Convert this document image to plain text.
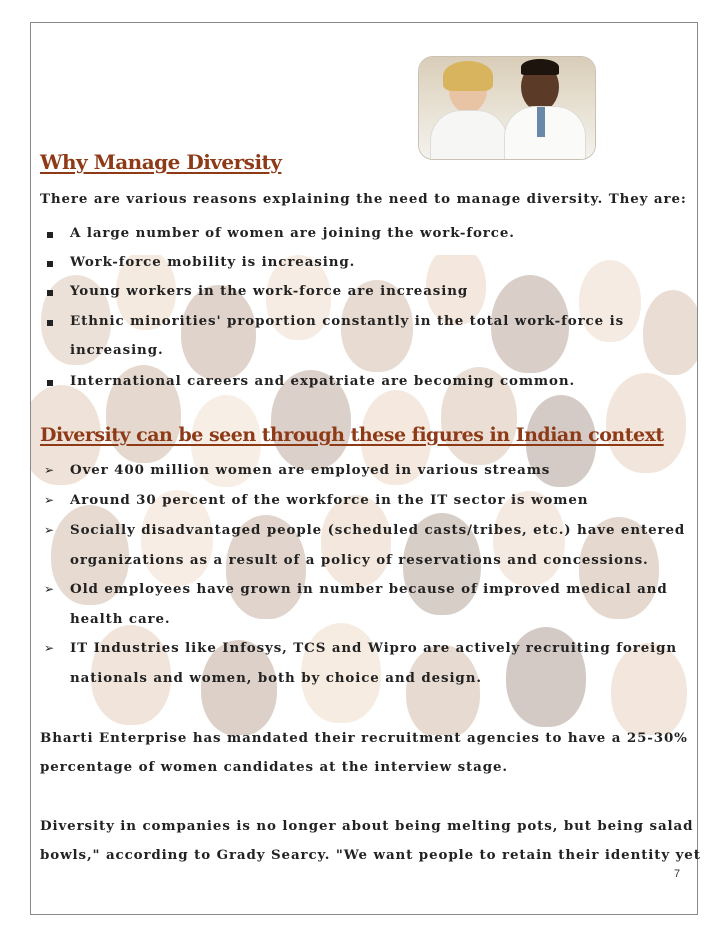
Why Manage Diversity
There are various reasons explaining the need to manage diversity. They are:
A large number of women are joining the work-force.
Work-force mobility is increasing.
Young workers in the work-force are increasing
Ethnic minorities' proportion constantly in the total work-force is
increasing.
International careers and expatriate are becoming common.
Diversity can be seen through these figures in Indian context
➢ Over 400 million women are employed in various streams
➢ Around 30 percent of the workforce in the IT sector is women
➢ Socially disadvantaged people (scheduled casts/tribes, etc.) have entered
organizations as a result of a policy of reservations and concessions.
➢ Old employees have grown in number because of improved medical and
health care.
➢ IT Industries like Infosys, TCS and Wipro are actively recruiting foreign
nationals and women, both by choice and design.
Bharti Enterprise has mandated their recruitment agencies to have a 25-30%
percentage of women candidates at the interview stage.
Diversity in companies is no longer about being melting pots, but being salad
bowls," according to Grady Searcy. "We want people to retain their identity yet
7
